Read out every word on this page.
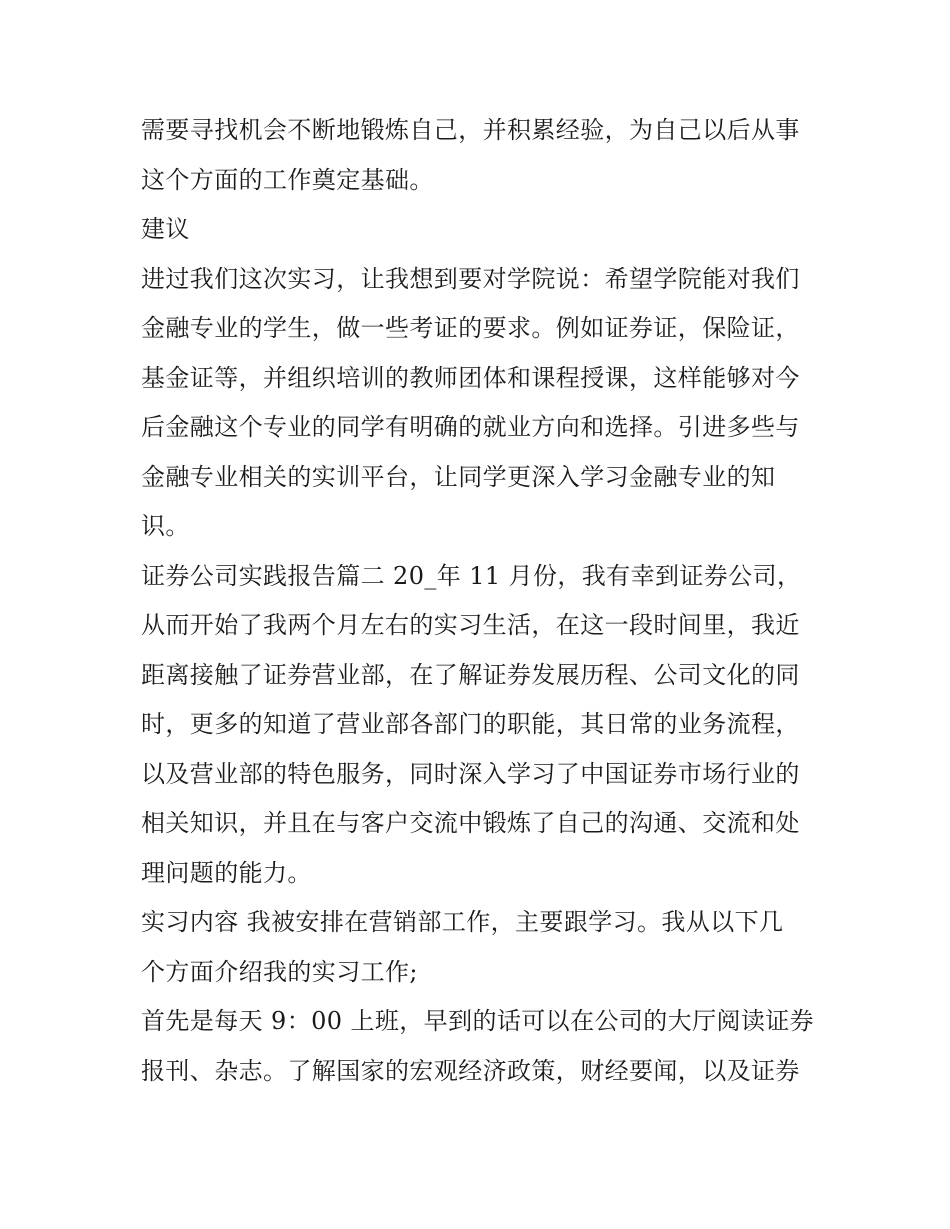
需要寻找机会不断地锻炼自己，并积累经验，为自己以后从事
这个方面的工作奠定基础。
建议
进过我们这次实习，让我想到要对学院说：希望学院能对我们
金融专业的学生，做一些考证的要求。例如证券证，保险证，
基金证等，并组织培训的教师团体和课程授课，这样能够对今
后金融这个专业的同学有明确的就业方向和选择。引进多些与
金融专业相关的实训平台，让同学更深入学习金融专业的知
识。
证券公司实践报告篇二 20_年 11 月份，我有幸到证券公司，
从而开始了我两个月左右的实习生活，在这一段时间里，我近
距离接触了证券营业部，在了解证券发展历程、公司文化的同
时，更多的知道了营业部各部门的职能，其日常的业务流程，
以及营业部的特色服务，同时深入学习了中国证券市场行业的
相关知识，并且在与客户交流中锻炼了自己的沟通、交流和处
理问题的能力。
实习内容 我被安排在营销部工作，主要跟学习。我从以下几
个方面介绍我的实习工作;
首先是每天 9：00 上班，早到的话可以在公司的大厅阅读证券
报刊、杂志。了解国家的宏观经济政策，财经要闻，以及证券
